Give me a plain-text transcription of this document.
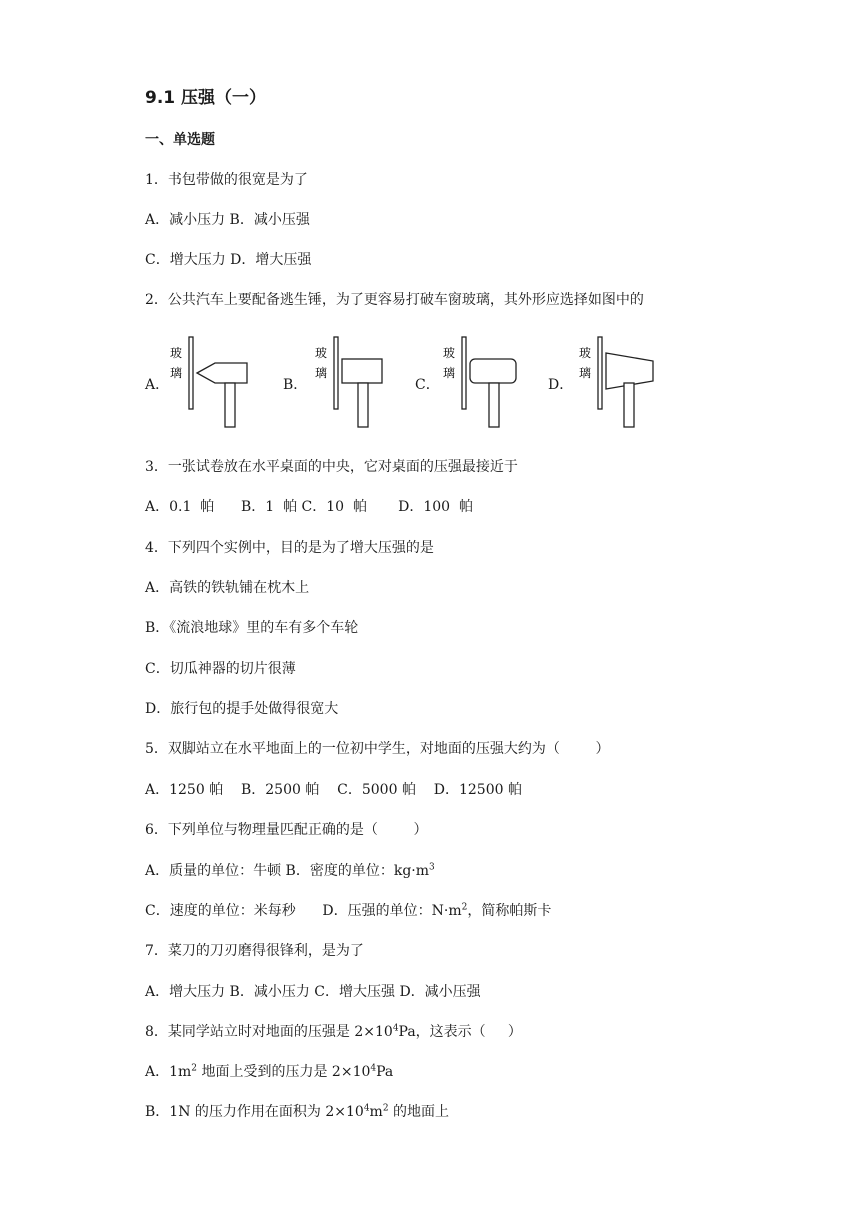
9.1 压强（一）
一、单选题
1．书包带做的很宽是为了
A．减小压力 B．减小压强
C．增大压力 D．增大压强
2．公共汽车上要配备逃生锤，为了更容易打破车窗玻璃，其外形应选择如图中的
A．
玻
璃
B．
玻
璃
C．
玻
璃
D．
玻
璃
3．一张试卷放在水平桌面的中央，它对桌面的压强最接近于
A．0.1  帕      B．1  帕 C．10  帕       D．100  帕
4．下列四个实例中，目的是为了增大压强的是
A．高铁的铁轨铺在枕木上
B．《流浪地球》里的车有多个车轮
C．切瓜神器的切片很薄
D．旅行包的提手处做得很宽大
5．双脚站立在水平地面上的一位初中学生，对地面的压强大约为（        ）
A．1250 帕    B．2500 帕    C．5000 帕    D．12500 帕
6．下列单位与物理量匹配正确的是（        ）
A．质量的单位：牛顿 B．密度的单位：$kg\cdot m^3$
C．速度的单位：米每秒      D．压强的单位：$N\cdot m^2$，简称帕斯卡
7．菜刀的刀刃磨得很锋利，是为了
A．增大压力 B．减小压力 C．增大压强 D．减小压强
8．某同学站立时对地面的压强是 $2\times 10^4Pa$，这表示（     ）
A．$1m^2$ 地面上受到的压力是 $2\times 10^4Pa$
B．1N 的压力作用在面积为 $2\times 10^4m^2$ 的地面上
